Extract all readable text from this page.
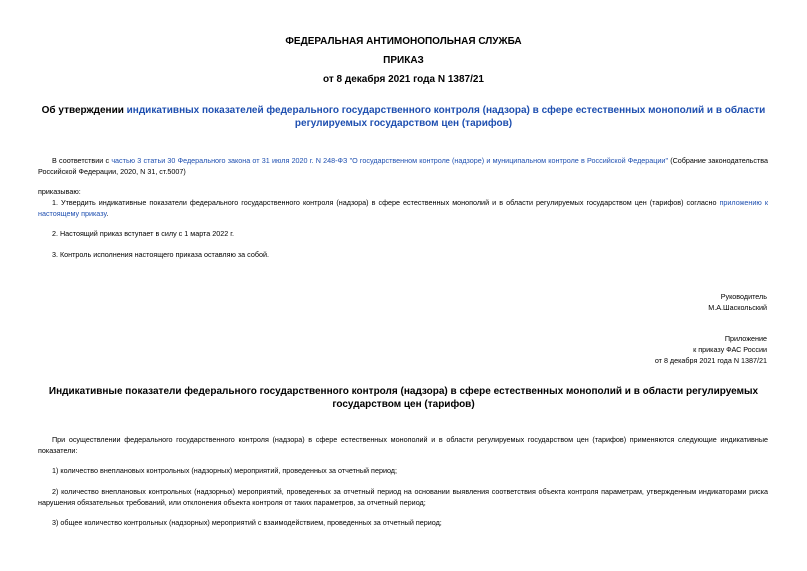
ФЕДЕРАЛЬНАЯ АНТИМОНОПОЛЬНАЯ СЛУЖБА
ПРИКАЗ
от 8 декабря 2021 года N 1387/21
Об утверждении индикативных показателей федерального государственного контроля (надзора) в сфере естественных монополий и в области регулируемых государством цен (тарифов)
В соответствии с частью 3 статьи 30 Федерального закона от 31 июля 2020 г. N 248-ФЗ "О государственном контроле (надзоре) и муниципальном контроле в Российской Федерации" (Собрание законодательства Российской Федерации, 2020, N 31, ст.5007)
приказываю:
1. Утвердить индикативные показатели федерального государственного контроля (надзора) в сфере естественных монополий и в области регулируемых государством цен (тарифов) согласно приложению к настоящему приказу.
2. Настоящий приказ вступает в силу с 1 марта 2022 г.
3. Контроль исполнения настоящего приказа оставляю за собой.
Руководитель
М.А.Шаскольский
Приложение
к приказу ФАС России
от 8 декабря 2021 года N 1387/21
Индикативные показатели федерального государственного контроля (надзора) в сфере естественных монополий и в области регулируемых государством цен (тарифов)
При осуществлении федерального государственного контроля (надзора) в сфере естественных монополий и в области регулируемых государством цен (тарифов) применяются следующие индикативные показатели:
1) количество внеплановых контрольных (надзорных) мероприятий, проведенных за отчетный период;
2) количество внеплановых контрольных (надзорных) мероприятий, проведенных за отчетный период на основании выявления соответствия объекта контроля параметрам, утвержденным индикаторами риска нарушения обязательных требований, или отклонения объекта контроля от таких параметров, за отчетный период;
3) общее количество контрольных (надзорных) мероприятий с взаимодействием, проведенных за отчетный период;
